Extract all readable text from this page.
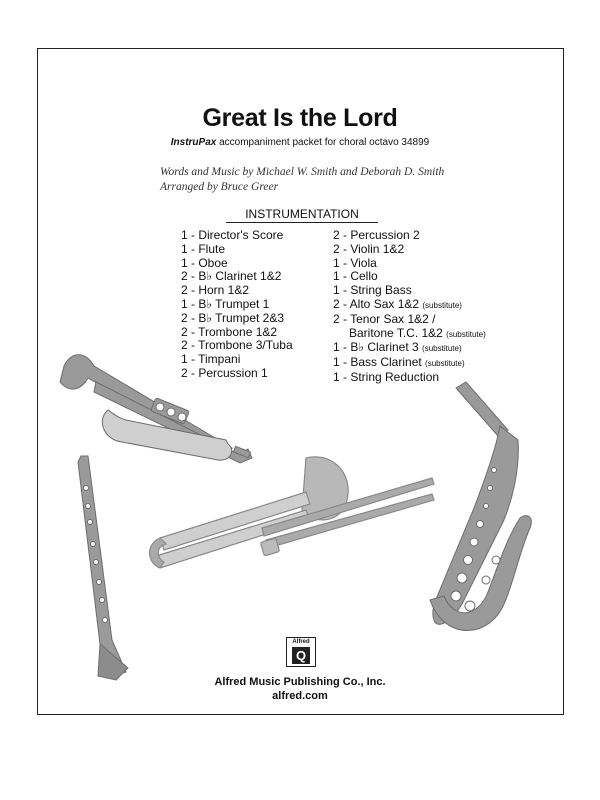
Great Is the Lord
InstruPax accompaniment packet for choral octavo 34899
Words and Music by Michael W. Smith and Deborah D. Smith
Arranged by Bruce Greer
INSTRUMENTATION
1 - Director's Score
1 - Flute
1 - Oboe
2 - B♭ Clarinet 1&2
2 - Horn 1&2
1 - B♭ Trumpet 1
2 - B♭ Trumpet 2&3
2 - Trombone 1&2
2 - Trombone 3/Tuba
1 - Timpani
2 - Percussion 1
2 - Percussion 2
2 - Violin 1&2
1 - Viola
1 - Cello
1 - String Bass
2 - Alto Sax 1&2 (substitute)
2 - Tenor Sax 1&2 /
Baritone T.C. 1&2 (substitute)
1 - B♭ Clarinet 3 (substitute)
1 - Bass Clarinet (substitute)
1 - String Reduction
Alfred
Q
Alfred Music Publishing Co., Inc.
alfred.com
